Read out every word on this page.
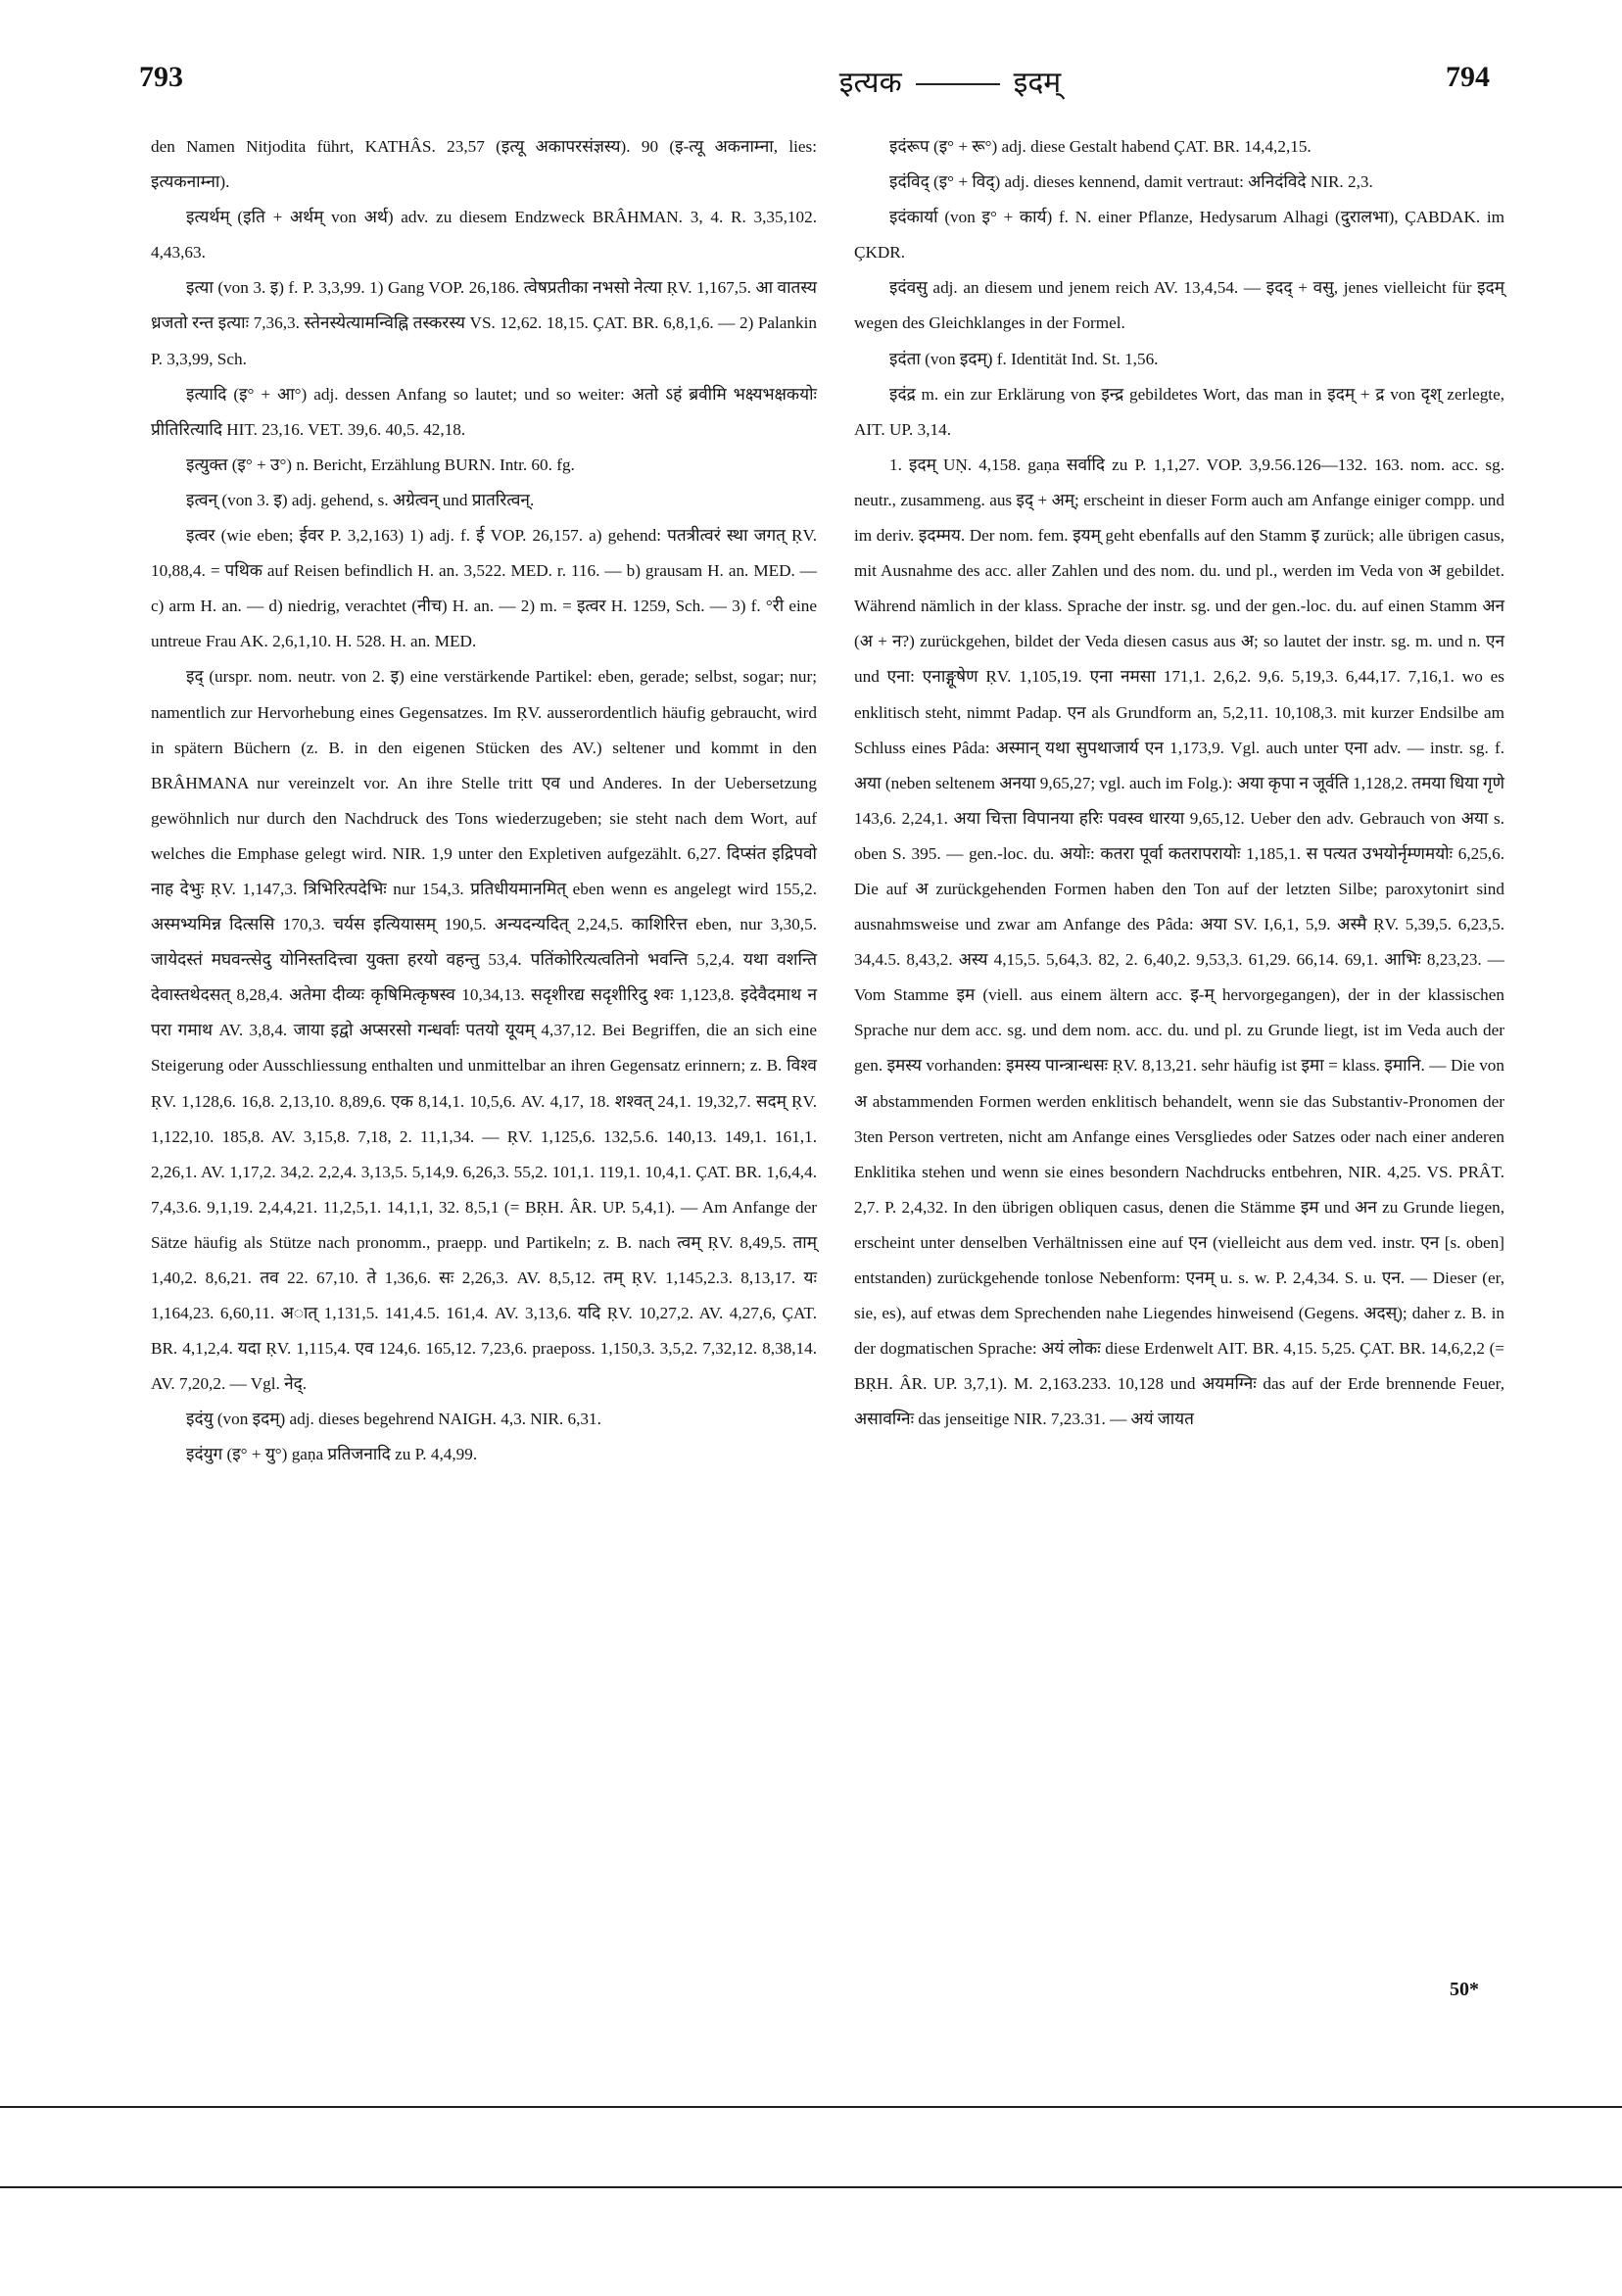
793	इत्यक	इदम्	794

den Namen Nitjodita führt, KATHÂS. 23,57 (इत्यू अकापरसंज्ञस्य). 90 (इ-त्यू अकनाम्ना, lies: इत्यकनाम्ना).

इत्यर्थम् (इति + अर्थम् von अर्थ) adv. zu diesem Endzweck BRÂHMAN. 3, 4. R. 3,35,102. 4,43,63.

इत्या (von 3. इ) f. P. 3,3,99. 1) Gang VOP. 26,186. त्वेषप्रतीका नभसो नेत्या ṚV. 1,167,5. आ वातस्य ध्रजतो रन्त इत्याः 7,36,3. स्तेनस्येत्यामन्विह्नि तस्करस्य VS. 12,62. 18,15. ÇAT. BR. 6,8,1,6. — 2) Palankin P. 3,3,99, Sch.

इत्यादि (इ° + आ°) adj. dessen Anfang so lautet; und so weiter: अतो ऽहं ब्रवीमि भक्ष्यभक्षकयोः प्रीतिरित्यादि HIT. 23,16. VET. 39,6. 40,5. 42,18.

इत्युक्त (इ° + उ°) n. Bericht, Erzählung BURN. Intr. 60. fg.

इत्वन् (von 3. इ) adj. gehend, s. अग्रेत्वन् und प्रातरित्वन्.

इत्वर (wie eben; ईवर P. 3,2,163) 1) adj. f. ई VOP. 26,157. a) gehend: पतत्रीत्वरं स्था जगत् ṚV. 10,88,4. = पथिक auf Reisen befindlich H. an. 3,522. MED. r. 116. — b) grausam H. an. MED. — c) arm H. an. — d) niedrig, verachtet (नीच) H. an. — 2) m. = इत्वर H. 1259, Sch. — 3) f. °री eine untreue Frau AK. 2,6,1,10. H. 528. H. an. MED.

इद् (urspr. nom. neutr. von 2. इ) eine verstärkende Partikel: eben, gerade; selbst, sogar; nur; namentlich zur Hervorhebung eines Gegensatzes. Im ṚV. ausserordentlich häufig gebraucht, wird in spätern Büchern (z. B. in den eigenen Stücken des AV.) seltener und kommt in den BRÂHMANA nur vereinzelt vor. An ihre Stelle tritt एव und Anderes. In der Uebersetzung gewöhnlich nur durch den Nachdruck des Tons wiederzugeben; sie steht nach dem Wort, auf welches die Emphase gelegt wird. NIR. 1,9 unter den Expletiven aufgezählt. 6,27. दिप्संत इद्रिपवो नाह देभुः ṚV. 1,147,3. त्रिभिरित्पदेभिः nur 154,3. प्रतिधीयमानमित् eben wenn es angelegt wird 155,2. अस्मभ्यमिन्न दित्ससि 170,3. चर्यस इत्यियासम् 190,5. अन्यदन्यदित् 2,24,5. काशिरित्त eben, nur 3,30,5. जायेदस्तं मघवन्त्सेदु योनिस्तदित्त्वा युक्ता हरयो वहन्तु 53,4. पतिंकोरित्यत्वतिनो भवन्ति 5,2,4. यथा वशन्ति देवास्तथेदसत् 8,28,4. अतेमा दीव्यः कृषिमित्कृषस्व 10,34,13. सदृशीरद्य सदृशीरिदु श्वः 1,123,8. इदेवैदमाथ न परा गमाथ AV. 3,8,4. जाया इद्वो अप्सरसो गन्धर्वाः पतयो यूयम् 4,37,12. Bei Begriffen, die an sich eine Steigerung oder Ausschliessung enthalten und unmittelbar an ihren Gegensatz erinnern; z. B. विश्व ṚV. 1,128,6. 16,8. 2,13,10. 8,89,6. एक 8,14,1. 10,5,6. AV. 4,17, 18. शश्वत् 24,1. 19,32,7. सदम् ṚV. 1,122,10. 185,8. AV. 3,15,8. 7,18, 2. 11,1,34. — ṚV. 1,125,6. 132,5.6. 140,13. 149,1. 161,1. 2,26,1. AV. 1,17,2. 34,2. 2,2,4. 3,13,5. 5,14,9. 6,26,3. 55,2. 101,1. 119,1. 10,4,1. ÇAT. BR. 1,6,4,4. 7,4,3.6. 9,1,19. 2,4,4,21. 11,2,5,1. 14,1,1, 32. 8,5,1 (= BṚH. ÂR. UP. 5,4,1). — Am Anfange der Sätze häufig als Stütze nach pronomm., praepp. und Partikeln; z. B. nach त्वम् ṚV. 8,49,5. ताम् 1,40,2. 8,6,21. तव 22. 67,10. ते 1,36,6. सः 2,26,3. AV. 8,5,12. तम् ṚV. 1,145,2.3. 8,13,17. यः 1,164,23. 6,60,11. अात् 1,131,5. 141,4.5. 161,4. AV. 3,13,6. यदि ṚV. 10,27,2. AV. 4,27,6, ÇAT. BR. 4,1,2,4. यदा ṚV. 1,115,4. एव 124,6. 165,12. 7,23,6. praeposs. 1,150,3. 3,5,2. 7,32,12. 8,38,14. AV. 7,20,2. — Vgl. नेद्.

इदंयु (von इदम्) adj. dieses begehrend NAIGH. 4,3. NIR. 6,31.

इदंयुग (इ° + यु°) gaṇa प्रतिजनादि zu P. 4,4,99.

इदंरूप (इ° + रू°) adj. diese Gestalt habend ÇAT. BR. 14,4,2,15.

इदंविद् (इ° + विद्) adj. dieses kennend, damit vertraut: अनिदंविदे NIR. 2,3.

इदंकार्या (von इ° + कार्य) f. N. einer Pflanze, Hedysarum Alhagi (दुरालभा), ÇABDAK. im ÇKDR.

इदंवसु adj. an diesem und jenem reich AV. 13,4,54. — इदद् + वसु, jenes vielleicht für इदम् wegen des Gleichklanges in der Formel.

इदंता (von इदम्) f. Identität Ind. St. 1,56.

इदंद्र m. ein zur Erklärung von इन्द्र gebildetes Wort, das man in इदम् + द्र von दृश् zerlegte, AIT. UP. 3,14.

1. इदम् UṆ. 4,158. gaṇa सर्वादि zu P. 1,1,27. VOP. 3,9.56.126—132. 163. nom. acc. sg. neutr., zusammeng. aus इद् + अम्; erscheint in dieser Form auch am Anfange einiger compp. und im deriv. इदम्मय. Der nom. fem. इयम् geht ebenfalls auf den Stamm इ zurück; alle übrigen casus, mit Ausnahme des acc. aller Zahlen und des nom. du. und pl., werden im Veda von अ gebildet. Während nämlich in der klass. Sprache der instr. sg. und der gen.-loc. du. auf einen Stamm अन (अ + न?) zurückgehen, bildet der Veda diesen casus aus अ; so lautet der instr. sg. m. und n. एन und एना: एनाङ्गूषेण ṚV. 1,105,19. एना नमसा 171,1. 2,6,2. 9,6. 5,19,3. 6,44,17. 7,16,1. wo es enklitisch steht, nimmt Padap. एन als Grundform an, 5,2,11. 10,108,3. mit kurzer Endsilbe am Schluss eines Pâda: अस्मान् यथा सुपथाजार्य एन 1,173,9. Vgl. auch unter एना adv. — instr. sg. f. अया (neben seltenem अनया 9,65,27; vgl. auch im Folg.): अया कृपा न जूर्वति 1,128,2. तमया धिया गृणे 143,6. 2,24,1. अया चित्ता विपानया हरिः पवस्व धारया 9,65,12. Ueber den adv. Gebrauch von अया s. oben S. 395. — gen.-loc. du. अयोः: कतरा पूर्वा कतरापरायोः 1,185,1. स पत्यत उभयोर्नृम्णमयोः 6,25,6. Die auf अ zurückgehenden Formen haben den Ton auf der letzten Silbe; paroxytonirt sind ausnahmsweise und zwar am Anfange des Pâda: अया SV. I,6,1, 5,9. अस्मै ṚV. 5,39,5. 6,23,5. 34,4.5. 8,43,2. अस्य 4,15,5. 5,64,3. 82, 2. 6,40,2. 9,53,3. 61,29. 66,14. 69,1. आभिः 8,23,23. — Vom Stamme इम (viell. aus einem ältern acc. इ-म् hervorgegangen), der in der klassischen Sprache nur dem acc. sg. und dem nom. acc. du. und pl. zu Grunde liegt, ist im Veda auch der gen. इमस्य vorhanden: इमस्य पान्त्रान्धसः ṚV. 8,13,21. sehr häufig ist इमा = klass. इमानि. — Die von अ abstammenden Formen werden enklitisch behandelt, wenn sie das Substantiv-Pronomen der 3ten Person vertreten, nicht am Anfange eines Versgliedes oder Satzes oder nach einer anderen Enklitika stehen und wenn sie eines besondern Nachdrucks entbehren, NIR. 4,25. VS. PRÂT. 2,7. P. 2,4,32. In den übrigen obliquen casus, denen die Stämme इम und अन zu Grunde liegen, erscheint unter denselben Verhältnissen eine auf एन (vielleicht aus dem ved. instr. एन [s. oben] entstanden) zurückgehende tonlose Nebenform: एनम् u. s. w. P. 2,4,34. S. u. एन. — Dieser (er, sie, es), auf etwas dem Sprechenden nahe Liegendes hinweisend (Gegens. अदस्); daher z. B. in der dogmatischen Sprache: अयं लोकः diese Erdenwelt AIT. BR. 4,15. 5,25. ÇAT. BR. 14,6,2,2 (= BṚH. ÂR. UP. 3,7,1). M. 2,163.233. 10,128 und अयमग्निः das auf der Erde brennende Feuer, असावग्निः das jenseitige NIR. 7,23.31. — अयं जायत

50*
